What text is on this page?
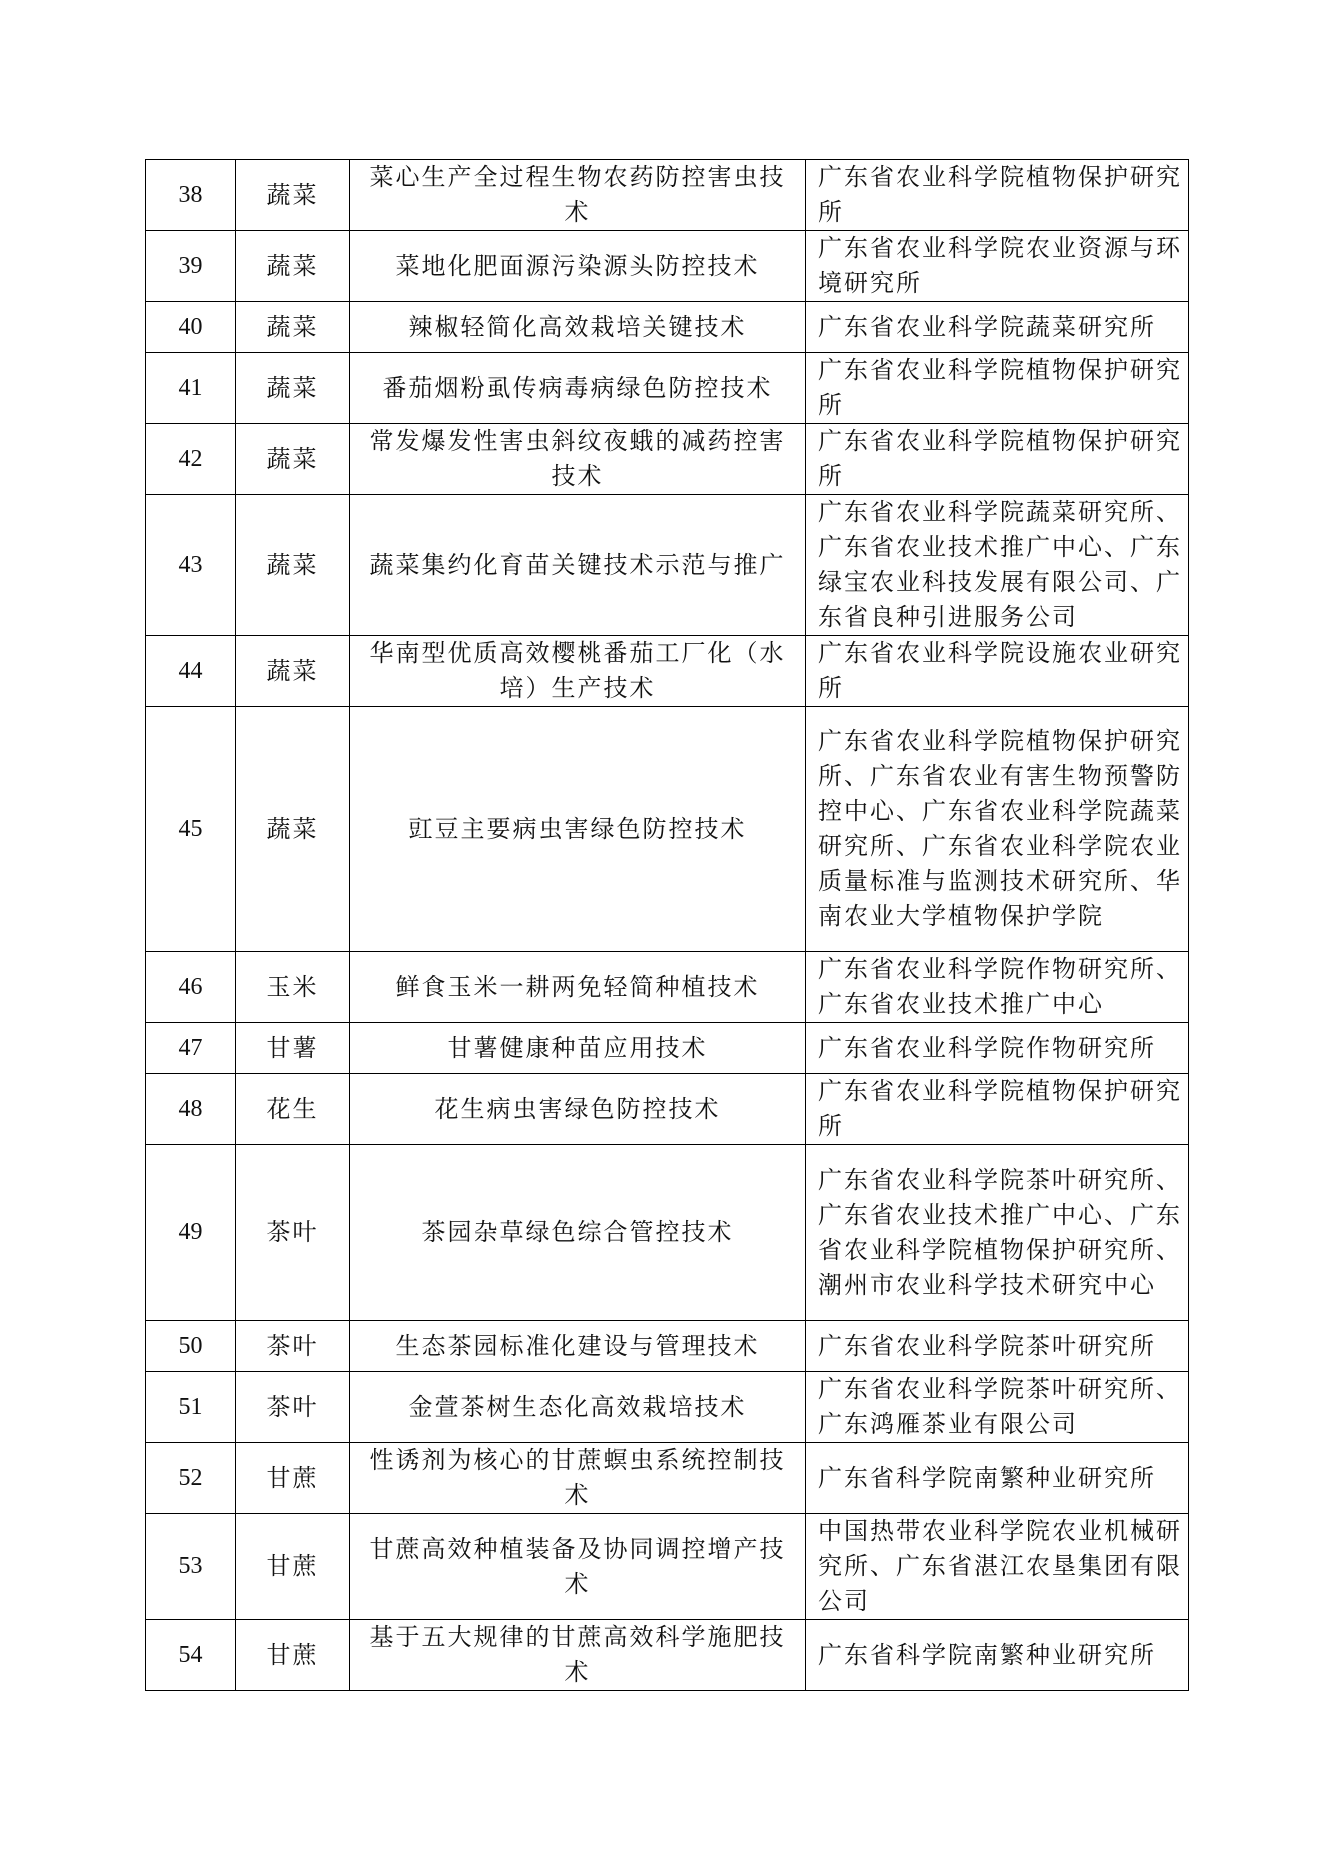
38	蔬菜	菜心生产全过程生物农药防控害虫技术	广东省农业科学院植物保护研究所
39	蔬菜	菜地化肥面源污染源头防控技术	广东省农业科学院农业资源与环境研究所
40	蔬菜	辣椒轻简化高效栽培关键技术	广东省农业科学院蔬菜研究所
41	蔬菜	番茄烟粉虱传病毒病绿色防控技术	广东省农业科学院植物保护研究所
42	蔬菜	常发爆发性害虫斜纹夜蛾的减药控害技术	广东省农业科学院植物保护研究所
43	蔬菜	蔬菜集约化育苗关键技术示范与推广	广东省农业科学院蔬菜研究所、广东省农业技术推广中心、广东绿宝农业科技发展有限公司、广东省良种引进服务公司
44	蔬菜	华南型优质高效樱桃番茄工厂化（水培）生产技术	广东省农业科学院设施农业研究所
45	蔬菜	豇豆主要病虫害绿色防控技术	广东省农业科学院植物保护研究所、广东省农业有害生物预警防控中心、广东省农业科学院蔬菜研究所、广东省农业科学院农业质量标准与监测技术研究所、华南农业大学植物保护学院
46	玉米	鲜食玉米一耕两免轻简种植技术	广东省农业科学院作物研究所、广东省农业技术推广中心
47	甘薯	甘薯健康种苗应用技术	广东省农业科学院作物研究所
48	花生	花生病虫害绿色防控技术	广东省农业科学院植物保护研究所
49	茶叶	茶园杂草绿色综合管控技术	广东省农业科学院茶叶研究所、广东省农业技术推广中心、广东省农业科学院植物保护研究所、潮州市农业科学技术研究中心
50	茶叶	生态茶园标准化建设与管理技术	广东省农业科学院茶叶研究所
51	茶叶	金萱茶树生态化高效栽培技术	广东省农业科学院茶叶研究所、广东鸿雁茶业有限公司
52	甘蔗	性诱剂为核心的甘蔗螟虫系统控制技术	广东省科学院南繁种业研究所
53	甘蔗	甘蔗高效种植装备及协同调控增产技术	中国热带农业科学院农业机械研究所、广东省湛江农垦集团有限公司
54	甘蔗	基于五大规律的甘蔗高效科学施肥技术	广东省科学院南繁种业研究所
